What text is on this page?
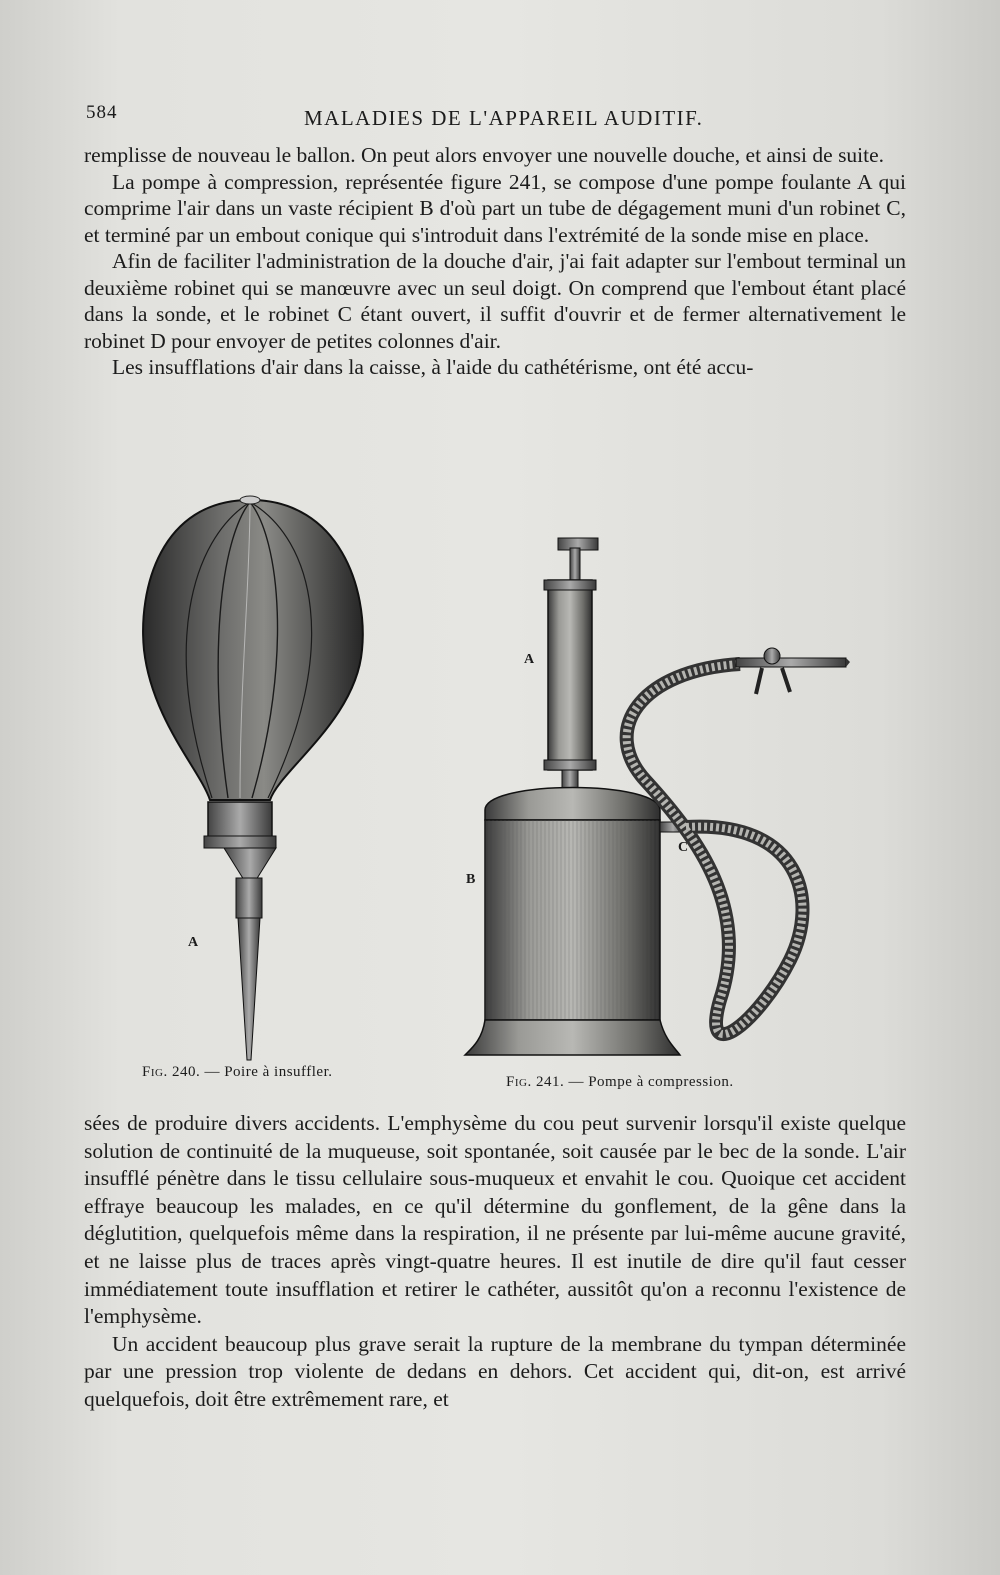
584	MALADIES DE L'APPAREIL AUDITIF.

remplisse de nouveau le ballon. On peut alors envoyer une nouvelle douche, et ainsi de suite.

La pompe à compression, représentée figure 241, se compose d'une pompe foulante A qui comprime l'air dans un vaste récipient B d'où part un tube de dégagement muni d'un robinet C, et terminé par un embout conique qui s'introduit dans l'extrémité de la sonde mise en place.

Afin de faciliter l'administration de la douche d'air, j'ai fait adapter sur l'embout terminal un deuxième robinet qui se manœuvre avec un seul doigt. On comprend que l'embout étant placé dans la sonde, et le robinet C étant ouvert, il suffit d'ouvrir et de fermer alternativement le robinet D pour envoyer de petites colonnes d'air.

Les insufflations d'air dans la caisse, à l'aide du cathétérisme, ont été accu-

A
A
B
C
Fig. 240. — Poire à insuffler.
Fig. 241. — Pompe à compression.

sées de produire divers accidents. L'emphysème du cou peut survenir lorsqu'il existe quelque solution de continuité de la muqueuse, soit spontanée, soit causée par le bec de la sonde. L'air insufflé pénètre dans le tissu cellulaire sous-muqueux et envahit le cou. Quoique cet accident effraye beaucoup les malades, en ce qu'il détermine du gonflement, de la gêne dans la déglutition, quelquefois même dans la respiration, il ne présente par lui-même aucune gravité, et ne laisse plus de traces après vingt-quatre heures. Il est inutile de dire qu'il faut cesser immédiatement toute insufflation et retirer le cathéter, aussitôt qu'on a reconnu l'existence de l'emphysème.

Un accident beaucoup plus grave serait la rupture de la membrane du tympan déterminée par une pression trop violente de dedans en dehors. Cet accident qui, dit-on, est arrivé quelquefois, doit être extrêmement rare, et
